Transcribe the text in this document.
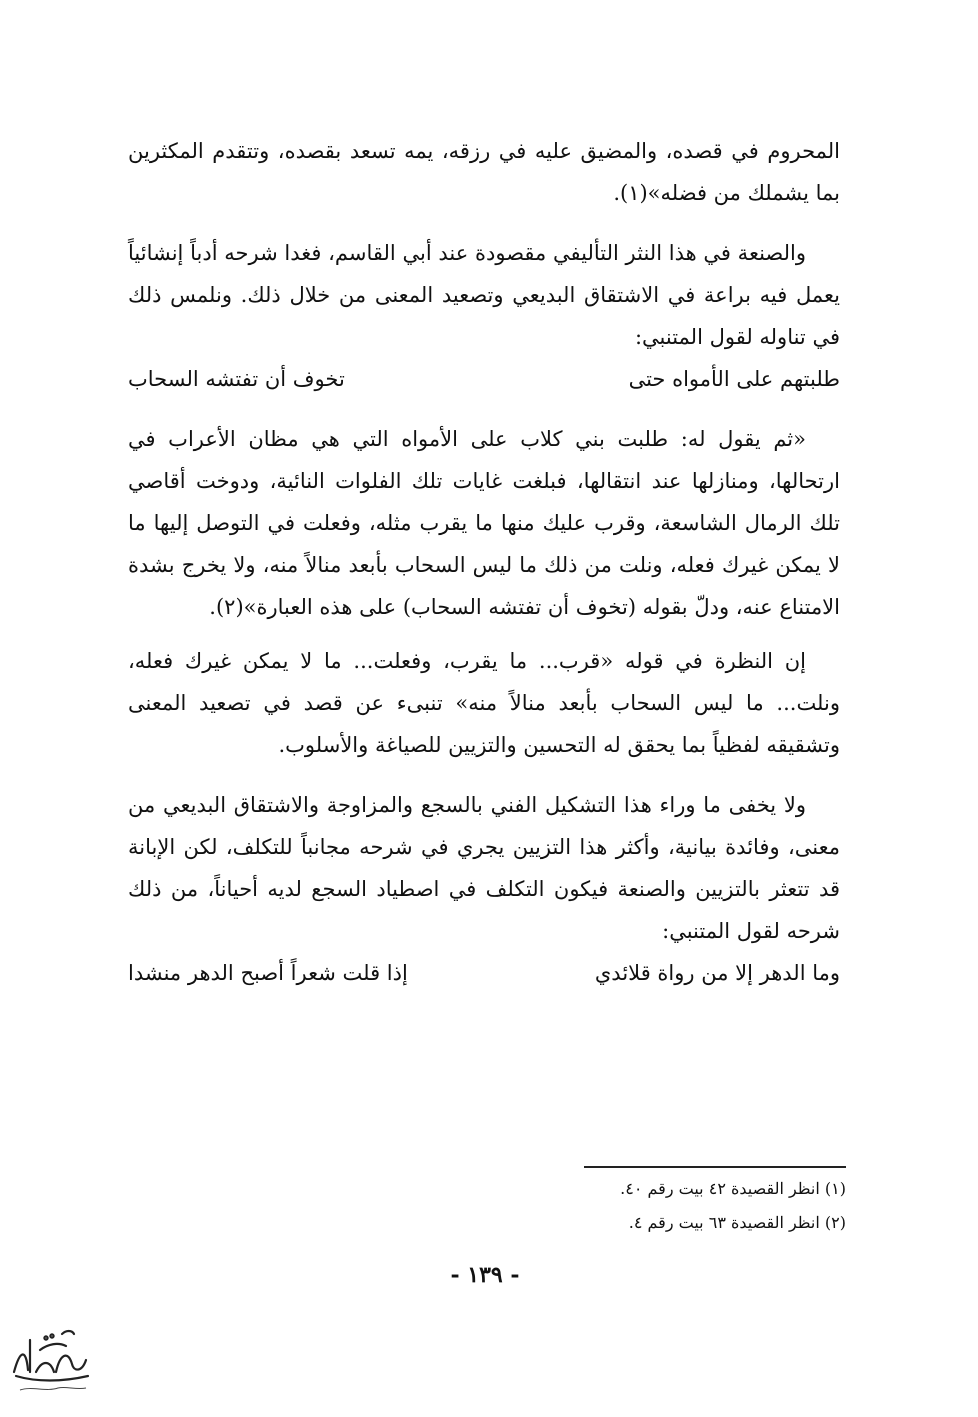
المحروم في قصده، والمضيق عليه في رزقه، يمه تسعد بقصده، وتتقدم المكثرين بما يشملك من فضله»(١).

والصنعة في هذا النثر التأليفي مقصودة عند أبي القاسم، فغدا شرحه أدباً إنشائياً يعمل فيه براعة في الاشتقاق البديعي وتصعيد المعنى من خلال ذلك. ونلمس ذلك في تناوله لقول المتنبي:

طلبتهم على الأمواه حتى
تخوف أن تفتشه السحاب

«ثم يقول له: طلبت بني كلاب على الأمواه التي هي مظان الأعراب في ارتحالها، ومنازلها عند انتقالها، فبلغت غايات تلك الفلوات النائية، ودوخت أقاصي تلك الرمال الشاسعة، وقرب عليك منها ما يقرب مثله، وفعلت في التوصل إليها ما لا يمكن غيرك فعله، ونلت من ذلك ما ليس السحاب بأبعد منالاً منه، ولا يخرج بشدة الامتناع عنه، ودلّ بقوله (تخوف أن تفتشه السحاب) على هذه العبارة»(٢).

إن النظرة في قوله «قرب... ما يقرب، وفعلت... ما لا يمكن غيرك فعله، ونلت... ما ليس السحاب بأبعد منالاً منه» تنبىء عن قصد في تصعيد المعنى وتشقيقه لفظياً بما يحقق له التحسين والتزيين للصياغة والأسلوب.

ولا يخفى ما وراء هذا التشكيل الفني بالسجع والمزاوجة والاشتقاق البديعي من معنى، وفائدة بيانية، وأكثر هذا التزيين يجري في شرحه مجانباً للتكلف، لكن الإبانة قد تتعثر بالتزيين والصنعة فيكون التكلف في اصطياد السجع لديه أحياناً، من ذلك شرحه لقول المتنبي:

وما الدهر إلا من رواة قلائدي
إذا قلت شعراً أصبح الدهر منشدا

(١) انظر القصيدة ٤٢ بيت رقم ٤٠.

(٢) انظر القصيدة ٦٣ بيت رقم ٤.

- ١٣٩ -
